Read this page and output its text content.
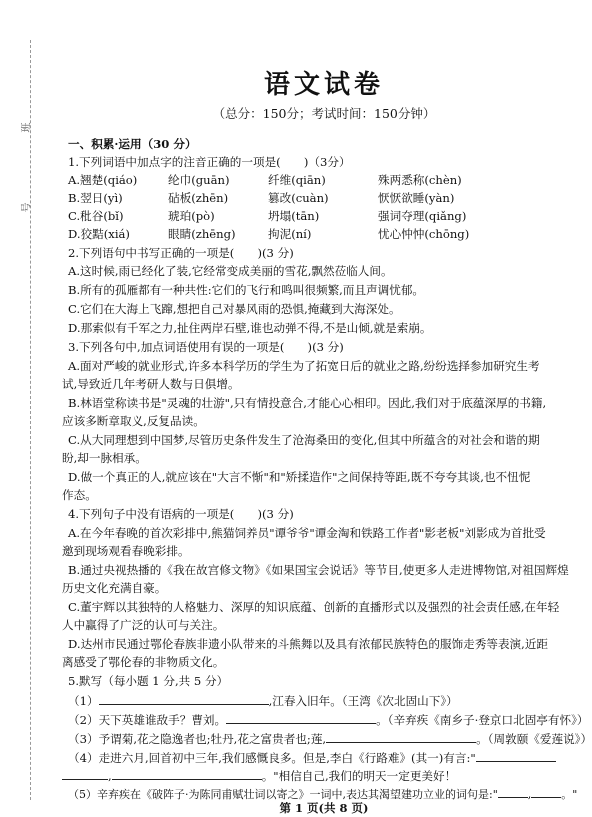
班
号
语文试卷
（总分：150分；考试时间：150分钟）
一、积累·运用（30 分）
1.下列词语中加点字的注音正确的一项是(　　)（3分）
A.翘楚(qiáo)	纶巾(guān)	纤维(qiān)	殊两悉称(chèn)
B.翌日(yì)	砧板(zhēn)	篡改(cuàn)	恹恹欲睡(yàn)
C.秕谷(bǐ)	琥珀(pò)	坍塌(tān)	强词夺理(qiǎng)
D.狡黠(xiá)	眼睛(zhēng)	拘泥(ní)	忧心忡忡(chōng)
2.下列语句中书写正确的一项是(　　)(3 分)
A.这时候,雨已经化了装,它经常变成美丽的雪花,飘然莅临人间。
B.所有的孤雁都有一种共性:它们的飞行和鸣叫很频繁,而且声调忧郁。
C.它们在大海上飞蹿,想把自己对暴风雨的恐惧,掩藏到大海深处。
D.那索似有千军之力,扯住两岸石壁,谁也动弹不得,不是山倾,就是索崩。
3.下列各句中,加点词语使用有误的一项是(　　)(3 分)
A.面对严峻的就业形式,许多本科学历的学生为了拓宽日后的就业之路,纷纷选择参加研究生考
试,导致近几年考研人数与日俱增。
B.林语堂称读书是"灵魂的壮游",只有情投意合,才能心心相印。因此,我们对于底蕴深厚的书籍,
应该多断章取义,反复品读。
C.从大同理想到中国梦,尽管历史条件发生了沧海桑田的变化,但其中所蕴含的对社会和谐的期
盼,却一脉相承。
D.做一个真正的人,就应该在"大言不惭"和"矫揉造作"之间保持等距,既不夸夸其谈,也不忸怩
作态。
4.下列句子中没有语病的一项是(　　)(3 分)
A.在今年春晚的首次彩排中,熊猫饲养员"谭爷爷"谭金淘和铁路工作者"影老板"刘影成为首批受
邀到现场观看春晚彩排。
B.通过央视热播的《我在故宫修文物》《如果国宝会说话》等节目,使更多人走进博物馆,对祖国辉煌
历史文化充满自豪。
C.董宇辉以其独特的人格魅力、深厚的知识底蕴、创新的直播形式以及强烈的社会责任感,在年轻
人中赢得了广泛的认可与关注。
D.达州市民通过鄂伦春族非遗小队带来的斗熊舞以及具有浓郁民族特色的服饰走秀等表演,近距
离感受了鄂伦春的非物质文化。
5.默写（每小题 1 分,共 5 分）
（1）	,江春入旧年。（王湾《次北固山下》）
（2）天下英雄谁敌手？曹刘。	。（辛弃疾《南乡子·登京口北固亭有怀》）
（3）予谓菊,花之隐逸者也;牡丹,花之富贵者也;莲,	。（周敦颐《爱莲说》）
（4）走进六月,回首初中三年,我们感慨良多。但是,李白《行路难》(其一)有言:"
,	。"相信自己,我们的明天一定更美好！
（5）辛弃疾在《破阵子·为陈同甫赋壮词以寄之》一词中,表达其渴望建功立业的词句是:"	,	。"
第 1 页(共 8 页)
